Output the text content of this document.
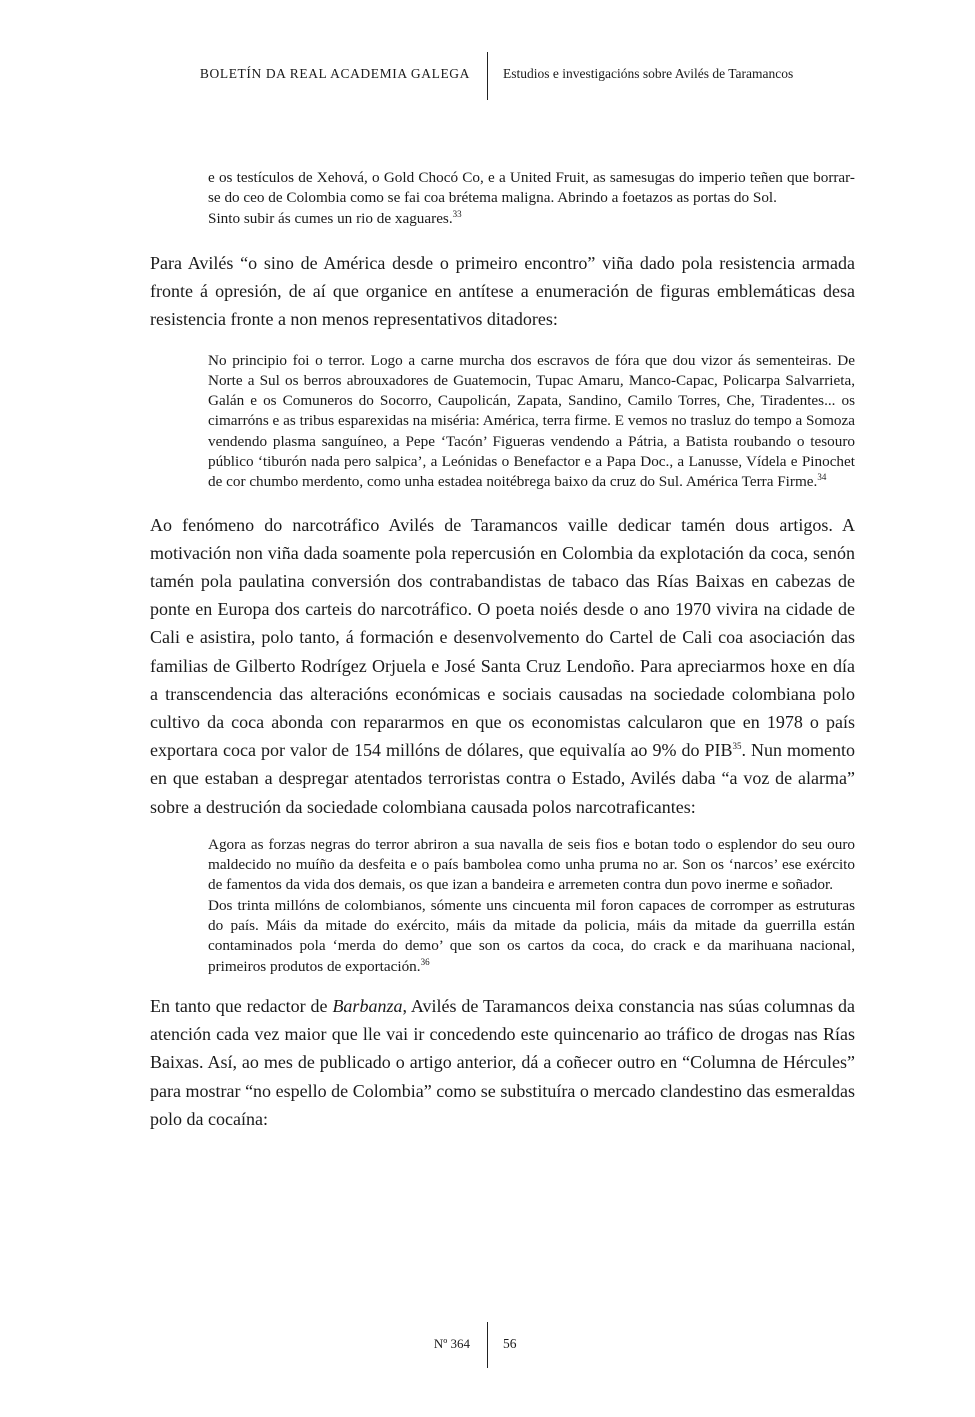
BOLETÍN DA REAL ACADEMIA GALEGA Estudios e investigacións sobre Avilés de Taramancos

e os testículos de Xehová, o Gold Chocó Co, e a United Fruit, as samesugas do imperio teñen que borrar-se do ceo de Colombia como se fai coa brétema maligna. Abrindo a foetazos as portas do Sol.

Sinto subir ás cumes un rio de xaguares.$^{33}$

Para Avilés “o sino de América desde o primeiro encontro” viña dado pola resistencia armada fronte á opresión, de aí que organice en antítese a enumeración de figuras emblemáticas desa resistencia fronte a non menos representativos ditadores:

No principio foi o terror. Logo a carne murcha dos escravos de fóra que dou vizor ás sementeiras. De Norte a Sul os berros abrouxadores de Guatemocin, Tupac Amaru, Manco-Capac, Policarpa Salvarrieta, Galán e os Comuneros do Socorro, Caupolicán, Zapata, Sandino, Camilo Torres, Che, Tiradentes... os cimarróns e as tribus esparexidas na miséria: América, terra firme. E vemos no trasluz do tempo a Somoza vendendo plasma sanguíneo, a Pepe ‘Tacón’ Figueras vendendo a Pátria, a Batista roubando o tesouro público ‘tiburón nada pero salpica’, a Leónidas o Benefactor e a Papa Doc., a Lanusse, Vídela e Pinochet de cor chumbo merdento, como unha estadea noitébrega baixo da cruz do Sul. América Terra Firme.$^{34}$

Ao fenómeno do narcotráfico Avilés de Taramancos vaille dedicar tamén dous artigos. A motivación non viña dada soamente pola repercusión en Colombia da explotación da coca, senón tamén pola paulatina conversión dos contrabandistas de tabaco das Rías Baixas en cabezas de ponte en Europa dos carteis do narcotráfico. O poeta noiés desde o ano 1970 vivira na cidade de Cali e asistira, polo tanto, á formación e desenvolvemento do Cartel de Cali coa asociación das familias de Gilberto Rodrígez Orjuela e José Santa Cruz Lendoño. Para apreciarmos hoxe en día a transcendencia das alteracións económicas e sociais causadas na sociedade colombiana polo cultivo da coca abonda con repararmos en que os economistas calcularon que en 1978 o país exportara coca por valor de 154 millóns de dólares, que equivalía ao 9% do PIB$^{35}$. Nun momento en que estaban a despregar atentados terroristas contra o Estado, Avilés daba “a voz de alarma” sobre a destrución da sociedade colombiana causada polos narcotraficantes:

Agora as forzas negras do terror abriron a sua navalla de seis fios e botan todo o esplendor do seu ouro maldecido no muíño da desfeita e o país bambolea como unha pruma no ar. Son os ‘narcos’ ese exército de famentos da vida dos demais, os que izan a bandeira e arremeten contra dun povo inerme e soñador.

Dos trinta millóns de colombianos, sómente uns cincuenta mil foron capaces de corromper as estruturas do país. Máis da mitade do exército, máis da mitade da policia, máis da mitade da guerrilla están contaminados pola ‘merda do demo’ que son os cartos da coca, do crack e da marihuana nacional, primeiros produtos de exportación.$^{36}$

En tanto que redactor de Barbanza, Avilés de Taramancos deixa constancia nas súas columnas da atención cada vez maior que lle vai ir concedendo este quincenario ao tráfico de drogas nas Rías Baixas. Así, ao mes de publicado o artigo anterior, dá a coñecer outro en “Columna de Hércules” para mostrar “no espello de Colombia” como se substituíra o mercado clandestino das esmeraldas polo da cocaína:

Nº 364 56
